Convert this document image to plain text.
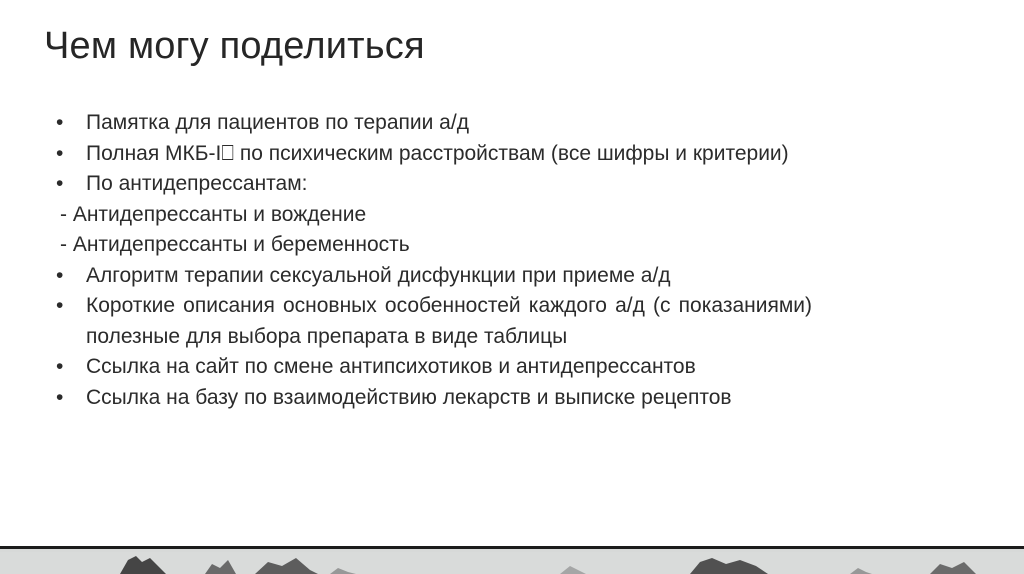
Чем могу поделиться
•	Памятка для пациентов по терапии а/д
•	Полная МКБ-I⎕ по психическим расстройствам (все шифры и критерии)
•	По антидепрессантам:
- Антидепрессанты и вождение
- Антидепрессанты и беременность
•	Алгоритм терапии сексуальной дисфункции при приеме а/д
•	Короткие описания основных особенностей каждого а/д (с показаниями) полезные для выбора препарата в виде таблицы
•	Ссылка на сайт по смене антипсихотиков и антидепрессантов
•	Ссылка на базу по взаимодействию лекарств и выписке рецептов
